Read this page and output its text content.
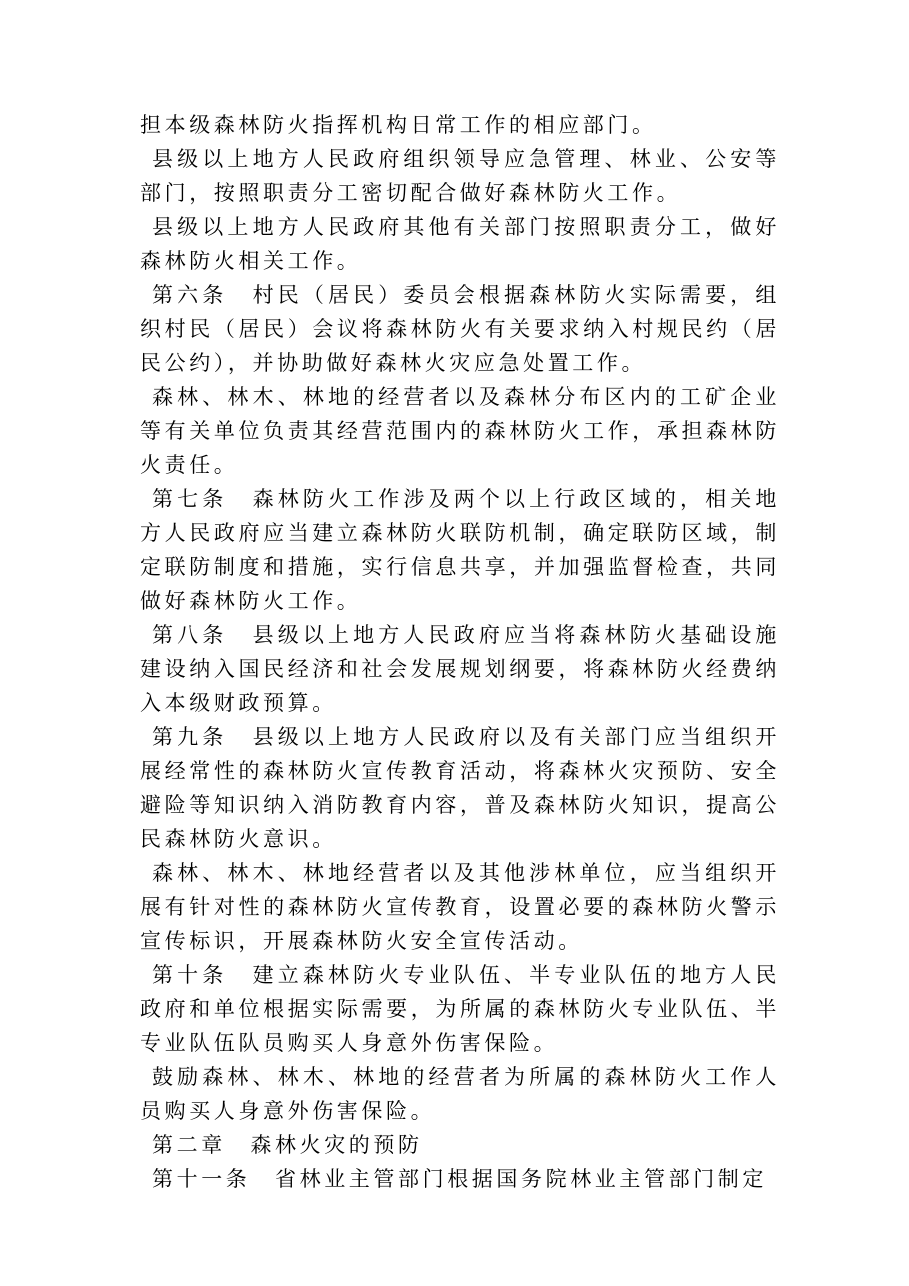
担本级森林防火指挥机构日常工作的相应部门。

县级以上地方人民政府组织领导应急管理、林业、公安等部门，按照职责分工密切配合做好森林防火工作。

县级以上地方人民政府其他有关部门按照职责分工，做好森林防火相关工作。

第六条　村民（居民）委员会根据森林防火实际需要，组织村民（居民）会议将森林防火有关要求纳入村规民约（居民公约），并协助做好森林火灾应急处置工作。

森林、林木、林地的经营者以及森林分布区内的工矿企业等有关单位负责其经营范围内的森林防火工作，承担森林防火责任。

第七条　森林防火工作涉及两个以上行政区域的，相关地方人民政府应当建立森林防火联防机制，确定联防区域，制定联防制度和措施，实行信息共享，并加强监督检查，共同做好森林防火工作。

第八条　县级以上地方人民政府应当将森林防火基础设施建设纳入国民经济和社会发展规划纲要，将森林防火经费纳入本级财政预算。

第九条　县级以上地方人民政府以及有关部门应当组织开展经常性的森林防火宣传教育活动，将森林火灾预防、安全避险等知识纳入消防教育内容，普及森林防火知识，提高公民森林防火意识。

森林、林木、林地经营者以及其他涉林单位，应当组织开展有针对性的森林防火宣传教育，设置必要的森林防火警示宣传标识，开展森林防火安全宣传活动。

第十条　建立森林防火专业队伍、半专业队伍的地方人民政府和单位根据实际需要，为所属的森林防火专业队伍、半专业队伍队员购买人身意外伤害保险。

鼓励森林、林木、林地的经营者为所属的森林防火工作人员购买人身意外伤害保险。

第二章　森林火灾的预防

第十一条　省林业主管部门根据国务院林业主管部门制定
